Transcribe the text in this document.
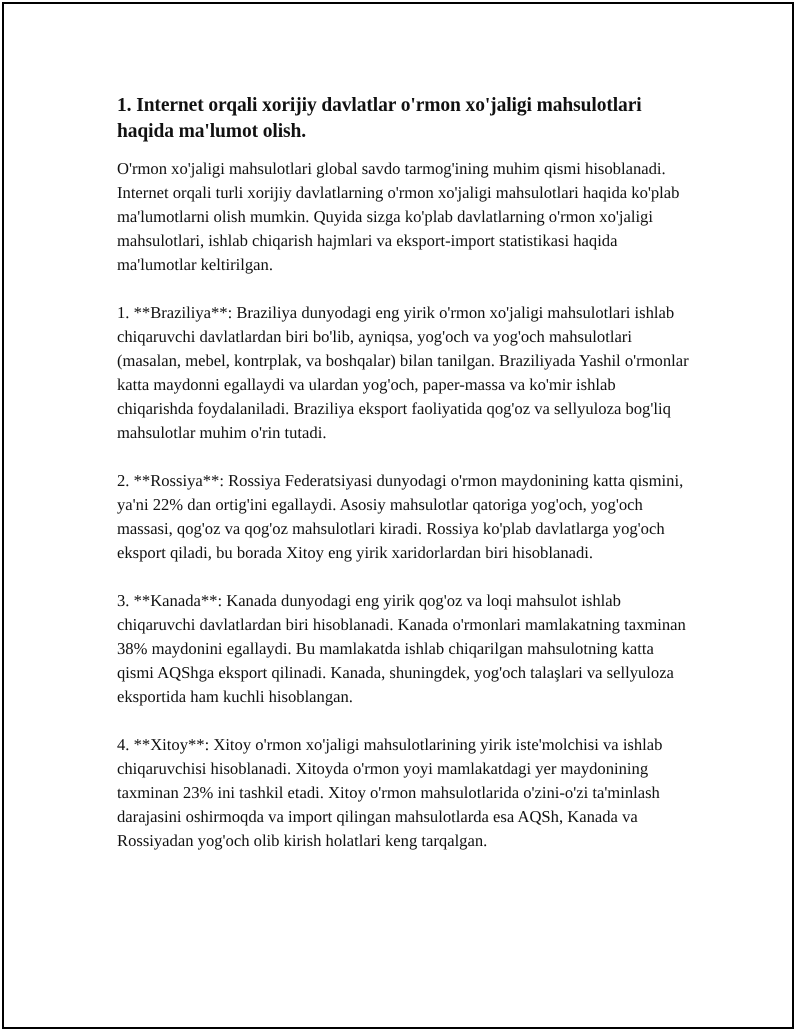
1. Internet orqali xorijiy davlatlar o'rmon xo'jaligi mahsulotlari haqida ma'lumot olish.

O'rmon xo'jaligi mahsulotlari global savdo tarmog'ining muhim qismi hisoblanadi. Internet orqali turli xorijiy davlatlarning o'rmon xo'jaligi mahsulotlari haqida ko'plab ma'lumotlarni olish mumkin. Quyida sizga ko'plab davlatlarning o'rmon xo'jaligi mahsulotlari, ishlab chiqarish hajmlari va eksport-import statistikasi haqida ma'lumotlar keltirilgan.

1. **Braziliya**: Braziliya dunyodagi eng yirik o'rmon xo'jaligi mahsulotlari ishlab chiqaruvchi davlatlardan biri bo'lib, ayniqsa, yog'och va yog'och mahsulotlari (masalan, mebel, kontrplak, va boshqalar) bilan tanilgan. Braziliyada Yashil o'rmonlar katta maydonni egallaydi va ulardan yog'och, paper-massa va ko'mir ishlab chiqarishda foydalaniladi. Braziliya eksport faoliyatida qog'oz va sellyuloza bog'liq mahsulotlar muhim o'rin tutadi.

2. **Rossiya**: Rossiya Federatsiyasi dunyodagi o'rmon maydonining katta qismini, ya'ni 22% dan ortig'ini egallaydi. Asosiy mahsulotlar qatoriga yog'och, yog'och massasi, qog'oz va qog'oz mahsulotlari kiradi. Rossiya ko'plab davlatlarga yog'och eksport qiladi, bu borada Xitoy eng yirik xaridorlardan biri hisoblanadi.

3. **Kanada**: Kanada dunyodagi eng yirik qog'oz va loqi mahsulot ishlab chiqaruvchi davlatlardan biri hisoblanadi. Kanada o'rmonlari mamlakatning taxminan 38% maydonini egallaydi. Bu mamlakatda ishlab chiqarilgan mahsulotning katta qismi AQShga eksport qilinadi. Kanada, shuningdek, yog'och talaşlari va sellyuloza eksportida ham kuchli hisoblangan.

4. **Xitoy**: Xitoy o'rmon xo'jaligi mahsulotlarining yirik iste'molchisi va ishlab chiqaruvchisi hisoblanadi. Xitoyda o'rmon yoyi mamlakatdagi yer maydonining taxminan 23% ini tashkil etadi. Xitoy o'rmon mahsulotlarida o'zini-o'zi ta'minlash darajasini oshirmoqda va import qilingan mahsulotlarda esa AQSh, Kanada va Rossiyadan yog'och olib kirish holatlari keng tarqalgan.
